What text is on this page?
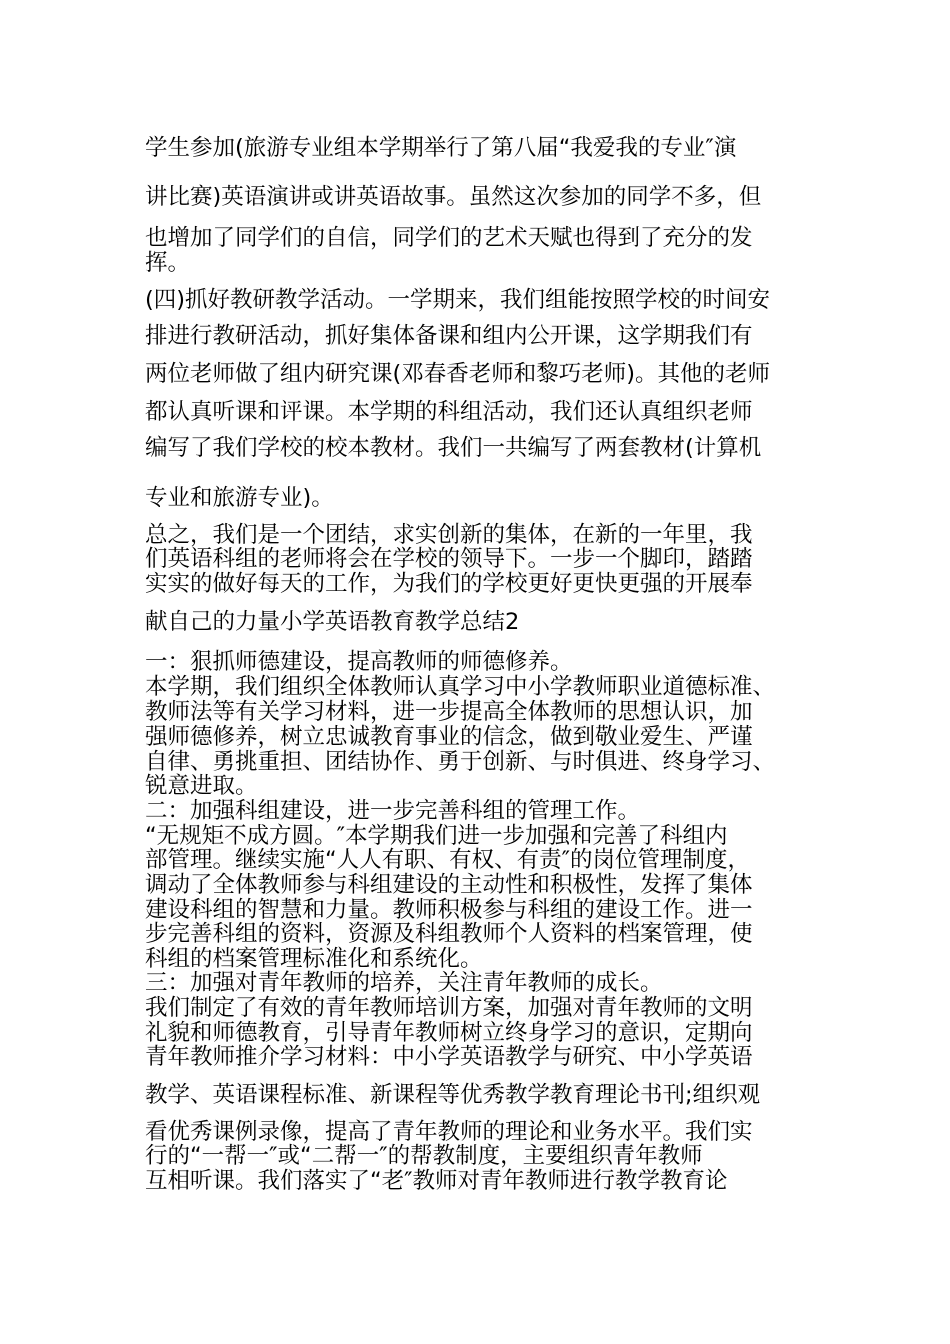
学生参加(旅游专业组本学期举行了第八届“我爱我的专业″演
讲比赛)英语演讲或讲英语故事。虽然这次参加的同学不多，但
也增加了同学们的自信，同学们的艺术天赋也得到了充分的发
挥。
(四)抓好教研教学活动。一学期来，我们组能按照学校的时间安
排进行教研活动，抓好集体备课和组内公开课，这学期我们有
两位老师做了组内研究课(邓春香老师和黎巧老师)。其他的老师
都认真听课和评课。本学期的科组活动，我们还认真组织老师
编写了我们学校的校本教材。我们一共编写了两套教材(计算机
专业和旅游专业)。
总之，我们是一个团结，求实创新的集体，在新的一年里，我
们英语科组的老师将会在学校的领导下。一步一个脚印，踏踏
实实的做好每天的工作，为我们的学校更好更快更强的开展奉
献自己的力量小学英语教育教学总结2
一：狠抓师德建设，提高教师的师德修养。
本学期，我们组织全体教师认真学习中小学教师职业道德标准、
教师法等有关学习材料，进一步提高全体教师的思想认识，加
强师德修养，树立忠诚教育事业的信念，做到敬业爱生、严谨
自律、勇挑重担、团结协作、勇于创新、与时俱进、终身学习、
锐意进取。
二：加强科组建设，进一步完善科组的管理工作。
“无规矩不成方圆。″本学期我们进一步加强和完善了科组内
部管理。继续实施“人人有职、有权、有责″的岗位管理制度，
调动了全体教师参与科组建设的主动性和积极性，发挥了集体
建设科组的智慧和力量。教师积极参与科组的建设工作。进一
步完善科组的资料，资源及科组教师个人资料的档案管理，使
科组的档案管理标准化和系统化。
三：加强对青年教师的培养，关注青年教师的成长。
我们制定了有效的青年教师培训方案，加强对青年教师的文明
礼貌和师德教育，引导青年教师树立终身学习的意识，定期向
青年教师推介学习材料：中小学英语教学与研究、中小学英语
教学、英语课程标准、新课程等优秀教学教育理论书刊;组织观
看优秀课例录像，提高了青年教师的理论和业务水平。我们实
行的“一帮一″或“二帮一″的帮教制度，主要组织青年教师
互相听课。我们落实了“老″教师对青年教师进行教学教育论
